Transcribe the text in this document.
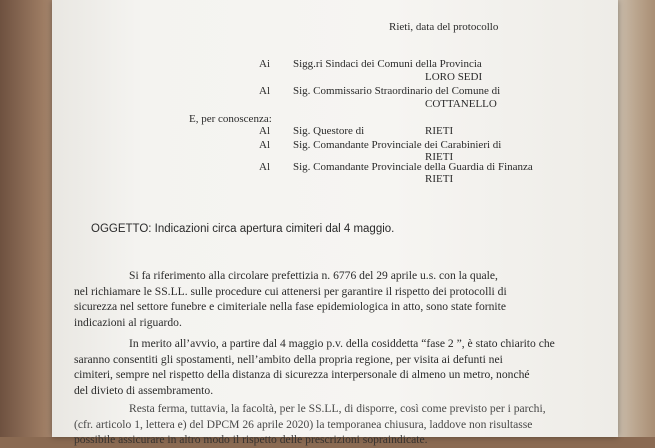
Rieti, data del protocollo
Ai Sigg.ri Sindaci dei Comuni della Provincia
LORO SEDI
Al Sig. Commissario Straordinario del Comune di
COTTANELLO
E, per conoscenza:
Al Sig. Questore di	RIETI
Al Sig. Comandante Provinciale dei Carabinieri di
RIETI
Al Sig. Comandante Provinciale della Guardia di Finanza
RIETI
OGGETTO: Indicazioni circa apertura cimiteri dal 4 maggio.
Si fa riferimento alla circolare prefettizia n. 6776 del 29 aprile u.s. con la quale,
nel richiamare le SS.LL. sulle procedure cui attenersi per garantire il rispetto dei protocolli di
sicurezza nel settore funebre e cimiteriale nella fase epidemiologica in atto, sono state fornite
indicazioni al riguardo.
In merito all’avvio, a partire dal 4 maggio p.v. della cosiddetta “fase 2 ”, è stato chiarito che
saranno consentiti gli spostamenti, nell’ambito della propria regione, per visita ai defunti nei
cimiteri, sempre nel rispetto della distanza di sicurezza interpersonale di almeno un metro, nonché
del divieto di assembramento.
Resta ferma, tuttavia, la facoltà, per le SS.LL, di disporre, così come previsto per i parchi,
(cfr. articolo 1, lettera e) del DPCM 26 aprile 2020) la temporanea chiusura, laddove non risultasse
possibile assicurare in altro modo il rispetto delle prescrizioni sopraindicate.
